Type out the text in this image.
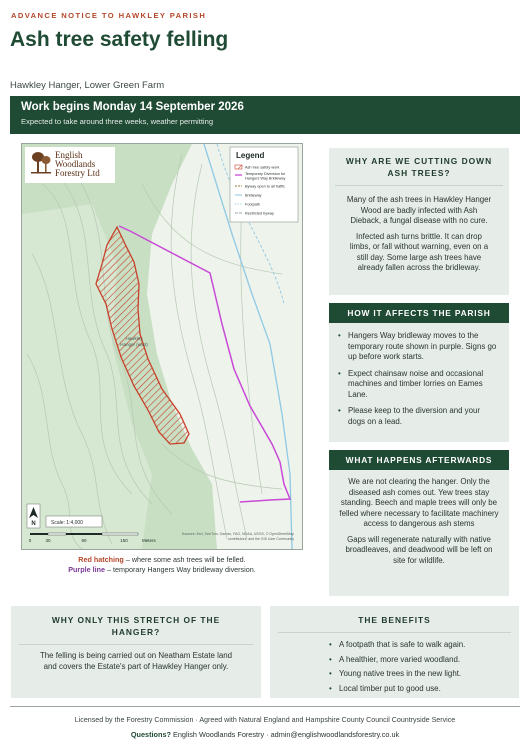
ADVANCE NOTICE TO HAWKLEY PARISH
Ash tree safety felling
Hawkley Hanger, Lower Green Farm
Work begins Monday 14 September 2026
Expected to take around three weeks, weather permitting
Hawkley
Hanger (east)
English
Woodlands
Forestry Ltd
Legend
Ash tree safety work
Temporary Diversion for Hangers Way Bridleway
Byway open to all traffic
Bridleway
Footpath
Restricted byway
N	Scale: 1:4,000
0	30	90	150	Meters
Sources: Esri, TomTom, Garmin, FAO, NOAA, USGS, © OpenStreetMap
contributors, and the GIS User Community
Red hatching – where some ash trees will be felled.
Purple line – temporary Hangers Way bridleway diversion.
WHY ARE WE CUTTING DOWN ASH TREES?

Many of the ash trees in Hawkley Hanger Wood are badly infected with Ash Dieback, a fungal disease with no cure.

Infected ash turns brittle. It can drop limbs, or fall without warning, even on a still day. Some large ash trees have already fallen across the bridleway.

HOW IT AFFECTS THE PARISH
• Hangers Way bridleway moves to the temporary route shown in purple. Signs go up before work starts.
• Expect chainsaw noise and occasional machines and timber lorries on Eames Lane.
• Please keep to the diversion and your dogs on a lead.
WHAT HAPPENS AFTERWARDS

We are not clearing the hanger. Only the diseased ash comes out. Yew trees stay standing. Beech and maple trees will only be felled where necessary to facilitate machinery access to dangerous ash stems

Gaps will regenerate naturally with native broadleaves, and deadwood will be left on site for wildlife.

WHY ONLY THIS STRETCH OF THE HANGER?
The felling is being carried out on Neatham Estate land and covers the Estate's part of Hawkley Hanger only.
THE BENEFITS
• A footpath that is safe to walk again.
• A healthier, more varied woodland.
• Young native trees in the new light.
• Local timber put to good use.
Licensed by the Forestry Commission · Agreed with Natural England and Hampshire County Council Countryside Service
Questions? English Woodlands Forestry · admin@englishwoodlandsforestry.co.uk
